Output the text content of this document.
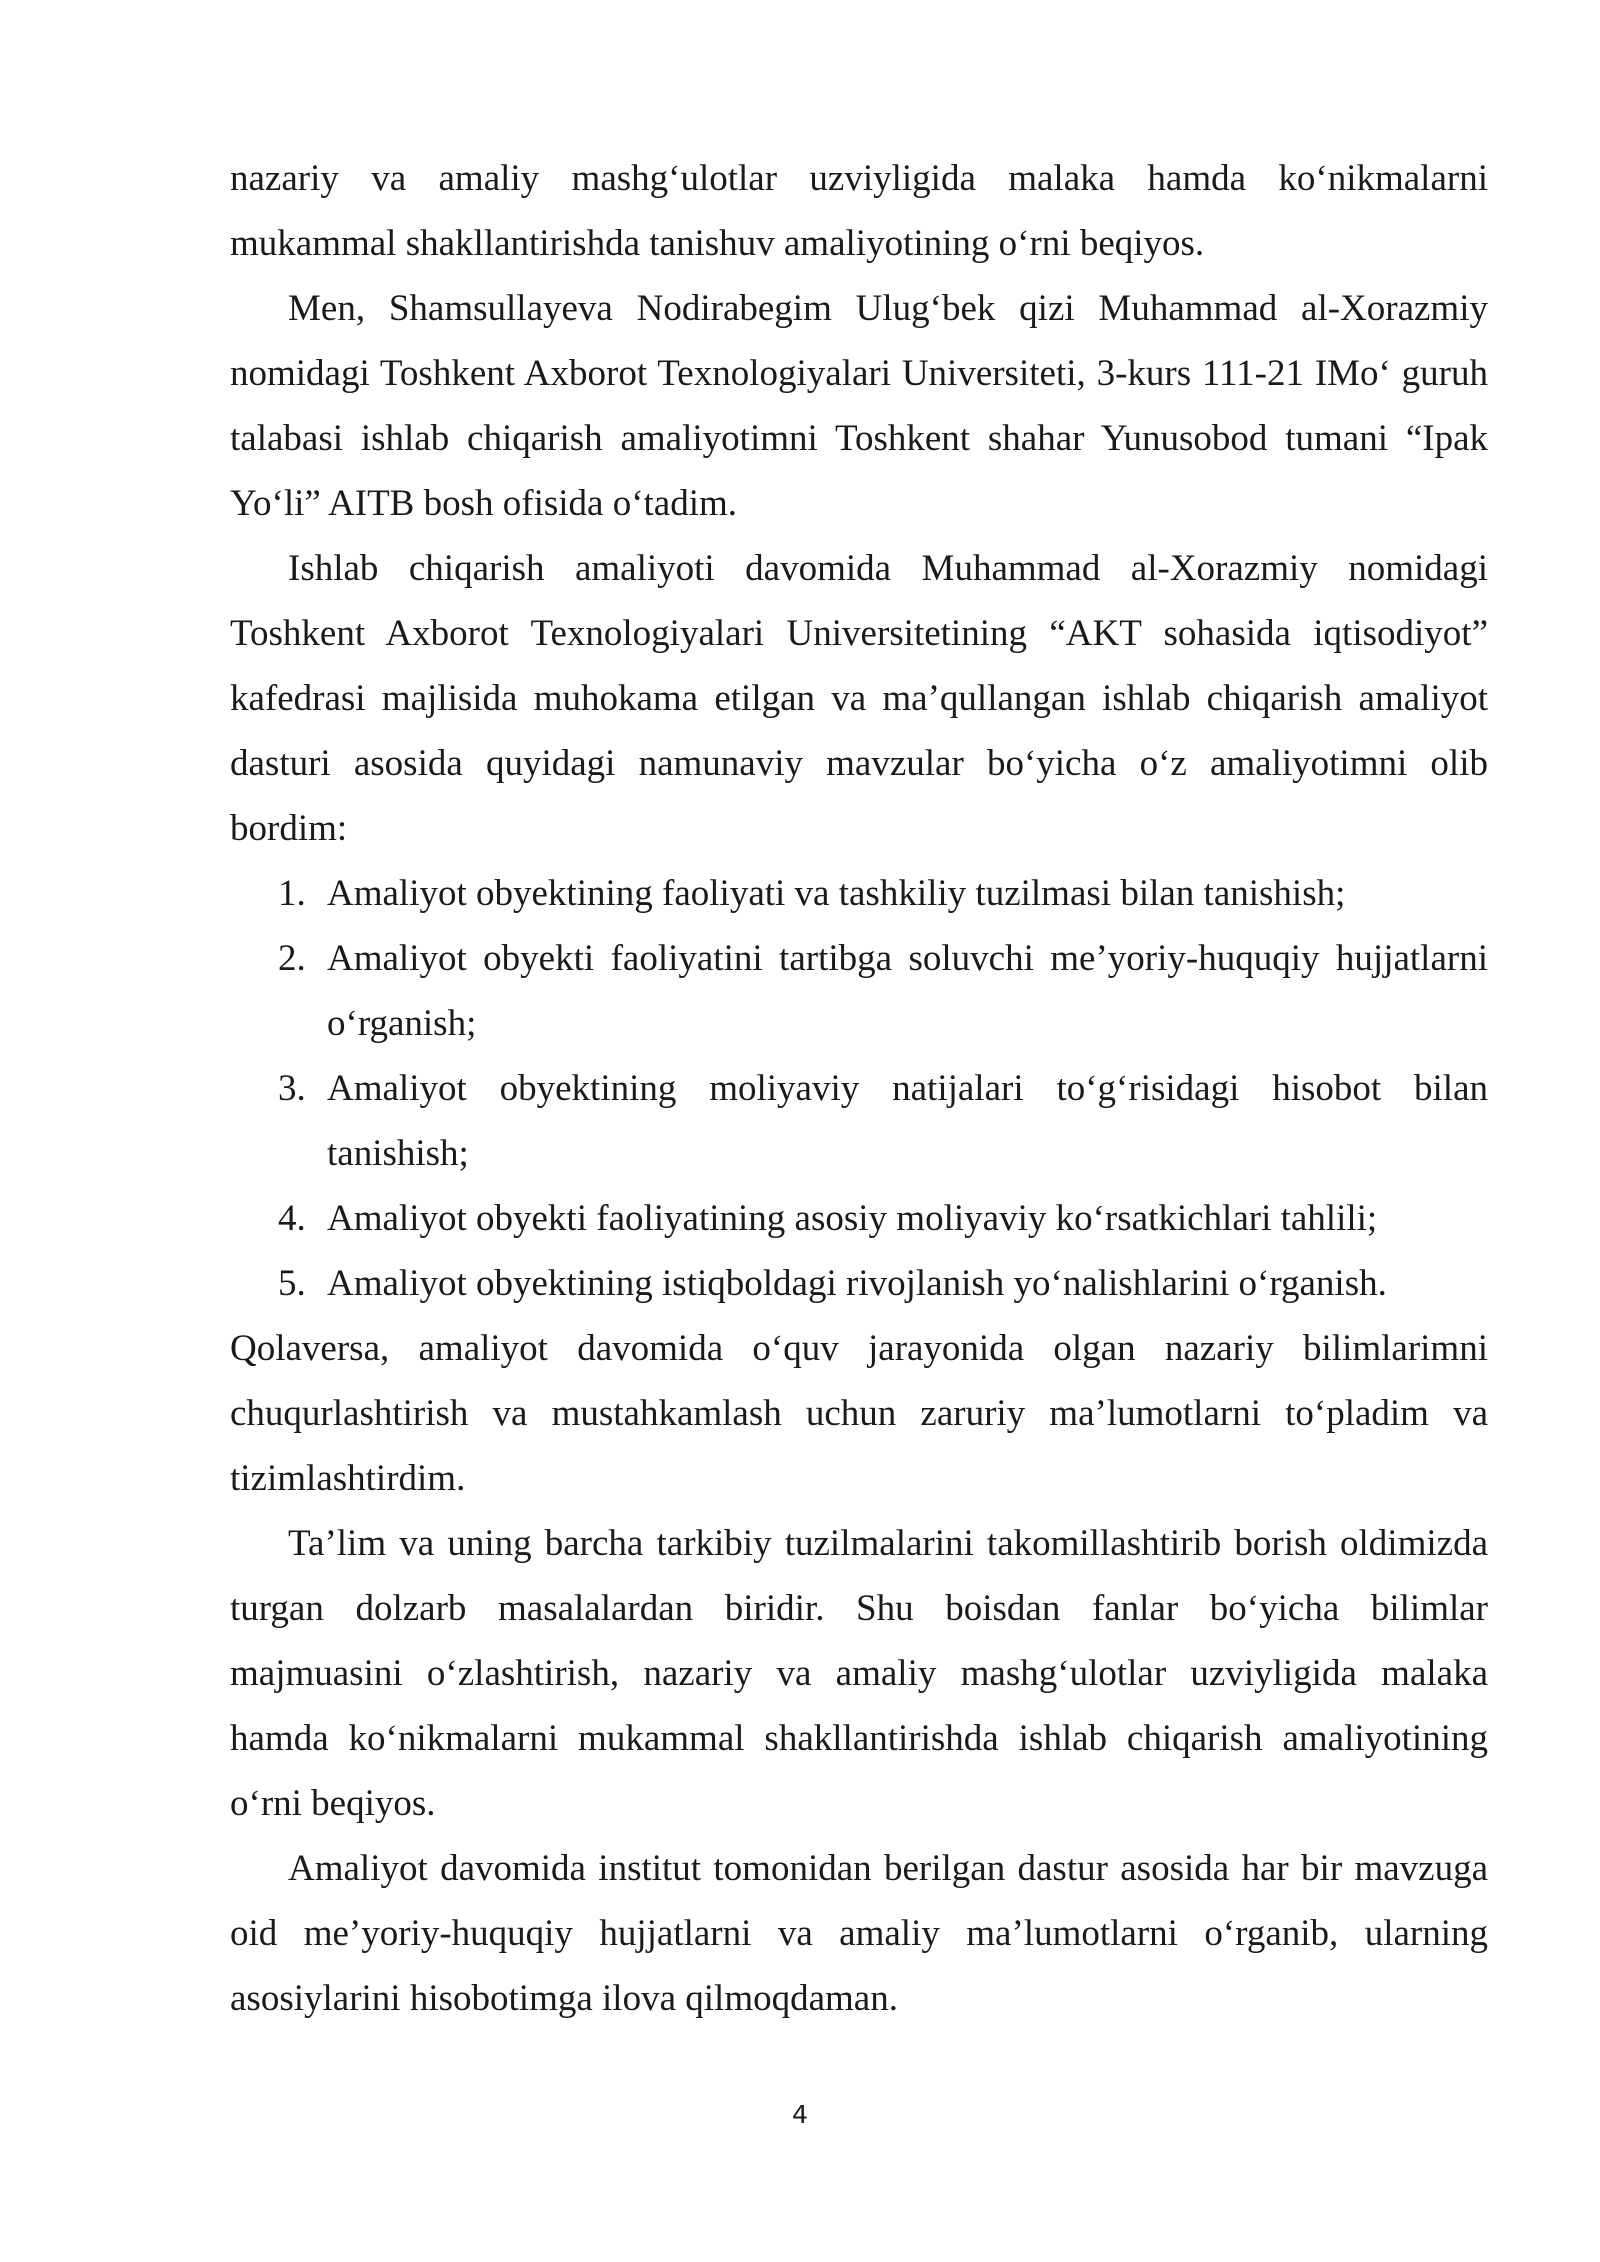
nazariy va amaliy mashg‘ulotlar uzviyligida malaka hamda ko‘nikmalarni mukammal shakllantirishda tanishuv amaliyotining o‘rni beqiyos.

Men, Shamsullayeva Nodirabegim Ulug‘bek qizi Muhammad al-Xorazmiy nomidagi Toshkent Axborot Texnologiyalari Universiteti, 3-kurs 111-21 IMo‘ guruh talabasi ishlab chiqarish amaliyotimni Toshkent shahar Yunusobod tumani “Ipak Yo‘li” AITB bosh ofisida o‘tadim.

Ishlab chiqarish amaliyoti davomida Muhammad al-Xorazmiy nomidagi Toshkent Axborot Texnologiyalari Universitetining “AKT sohasida iqtisodiyot” kafedrasi majlisida muhokama etilgan va ma’qullangan ishlab chiqarish amaliyot dasturi asosida quyidagi namunaviy mavzular bo‘yicha o‘z amaliyotimni olib bordim:

1. Amaliyot obyektining faoliyati va tashkiliy tuzilmasi bilan tanishish;
2. Amaliyot obyekti faoliyatini tartibga soluvchi me’yoriy-huquqiy hujjatlarni o‘rganish;
3. Amaliyot obyektining moliyaviy natijalari to‘g‘risidagi hisobot bilan tanishish;
4. Amaliyot obyekti faoliyatining asosiy moliyaviy ko‘rsatkichlari tahlili;
5. Amaliyot obyektining istiqboldagi rivojlanish yo‘nalishlarini o‘rganish.

Qolaversa, amaliyot davomida o‘quv jarayonida olgan nazariy bilimlarimni chuqurlashtirish va mustahkamlash uchun zaruriy ma’lumotlarni to‘pladim va tizimlashtirdim.

Ta’lim va uning barcha tarkibiy tuzilmalarini takomillashtirib borish oldimizda turgan dolzarb masalalardan biridir. Shu boisdan fanlar bo‘yicha bilimlar majmuasini o‘zlashtirish, nazariy va amaliy mashg‘ulotlar uzviyligida malaka hamda ko‘nikmalarni mukammal shakllantirishda ishlab chiqarish amaliyotining o‘rni beqiyos.

Amaliyot davomida institut tomonidan berilgan dastur asosida har bir mavzuga oid me’yoriy-huquqiy hujjatlarni va amaliy ma’lumotlarni o‘rganib, ularning asosiylarini hisobotimga ilova qilmoqdaman.

4
